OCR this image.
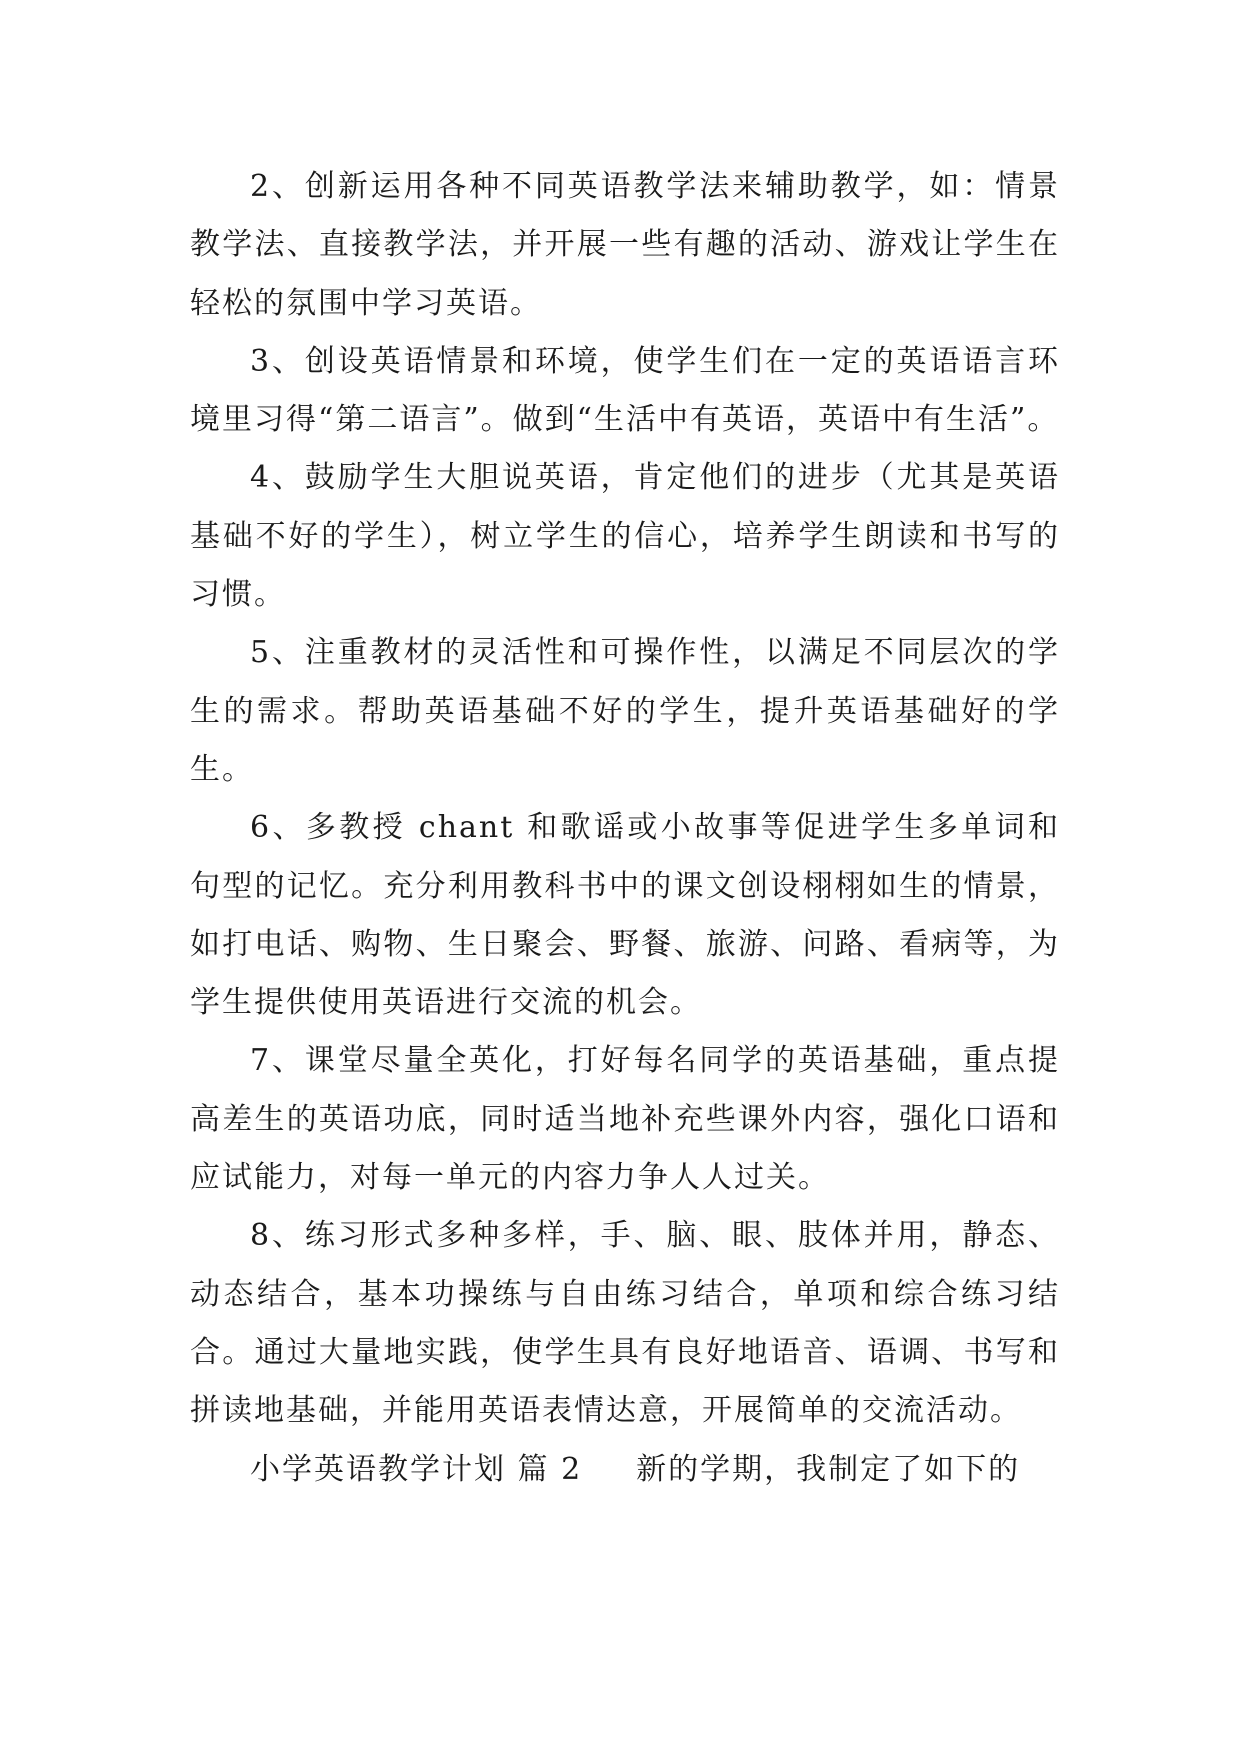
2、创新运用各种不同英语教学法来辅助教学，如：情景教学法、直接教学法，并开展一些有趣的活动、游戏让学生在轻松的氛围中学习英语。

3、创设英语情景和环境，使学生们在一定的英语语言环境里习得“第二语言”。做到“生活中有英语，英语中有生活”。

4、鼓励学生大胆说英语，肯定他们的进步（尤其是英语基础不好的学生），树立学生的信心，培养学生朗读和书写的习惯。

5、注重教材的灵活性和可操作性，以满足不同层次的学生的需求。帮助英语基础不好的学生，提升英语基础好的学生。

6、多教授 chant 和歌谣或小故事等促进学生多单词和句型的记忆。充分利用教科书中的课文创设栩栩如生的情景，如打电话、购物、生日聚会、野餐、旅游、问路、看病等，为学生提供使用英语进行交流的机会。

7、课堂尽量全英化，打好每名同学的英语基础，重点提高差生的英语功底，同时适当地补充些课外内容，强化口语和应试能力，对每一单元的内容力争人人过关。

8、练习形式多种多样，手、脑、眼、肢体并用，静态、动态结合，基本功操练与自由练习结合，单项和综合练习结合。通过大量地实践，使学生具有良好地语音、语调、书写和拼读地基础，并能用英语表情达意，开展简单的交流活动。

小学英语教学计划 篇 2 新的学期，我制定了如下的
